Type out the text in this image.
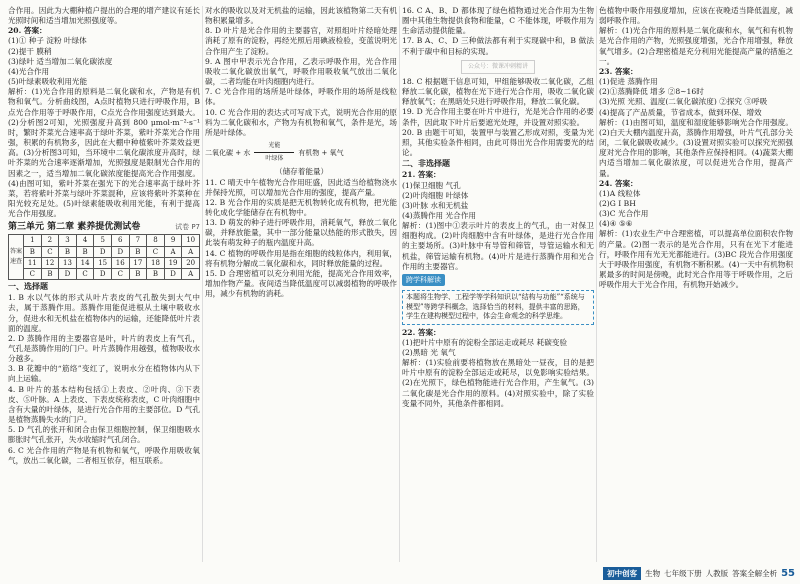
合作用。因此为大棚种植户提出的合理的增产建议有延长光照时间和适当增加光照强度等。

20. 答案：

(1)① 种子 淀粉 叶绿体

(2)提干 膜稍

(3)绿叶 适当增加二氧化碳浓度

(4)光合作用

(5)叶绿素吸收利用光能

解析：(1)光合作用的原料是二氧化碳和水，产物是有机物和氧气。分析曲线图，A点时植物只进行呼吸作用，B点光合作用等于呼吸作用，C点光合作用强度达到最大。(2)分析图2可知，光照强度升高到 800 μmol·m⁻²·s⁻¹时，繁时芥菜光合速率高于绿叶芥菜，紫叶芥菜光合作用强，积累的有机物多，因此在大棚中种植紫叶芥菜效益更高。(3)分析图3可知，当环境中二氧化碳浓度升高时，绿叶芥菜的光合速率逐渐增加，光照强度是限制光合作用的因素之一，适当增加二氧化碳浓度能提高光合作用强度。(4)由图可知，紫叶芥菜在强光下的光合速率高于绿叶芥菜，若将紫叶芥菜与绿叶芥菜混种，应该将紫叶芥菜种在阳光较充足处。(5)叶绿素能吸收利用光能，有利于提高光合作用强度。

第三单元 第二章 素养提优测试卷	试卷 P7
答案速查	1	2	3	4	5	6	7	8	9	10
	B	C	B	B	D	D	B	C	A	A
	11	12	13	14	15	16	17	18	19	20
	C	B	D	C	D	C	B	B	D	A
一、选择题

1. B 水以气体的形式从叶片表皮的气孔散失到大气中去，属于蒸腾作用。蒸腾作用能促进根从土壤中吸收水分，促进水和无机盐在植物体内的运输，还能降低叶片表面的温度。

2. D 蒸腾作用的主要器官是叶，叶片的表皮上有气孔，气孔是蒸腾作用的门户。叶片蒸腾作用越强，植物吸收水分越多。

3. B 花瓣中的“筋络”变红了，说明水分在植物体内从下向上运输。

4. B 叶片的基本结构包括①上表皮、②叶肉、③下表皮、⑤叶脉。A 上表皮、下表皮统称表皮，C 叶肉细胞中含有大量的叶绿体，是进行光合作用的主要部位。D 气孔是植物蒸腾失水的门户。

5. D 气孔的张开和闭合由保卫细胞控制，保卫细胞吸水膨胀时气孔张开，失水收缩时气孔闭合。

6. C 光合作用的产物是有机物和氧气，呼吸作用吸收氧气，放出二氧化碳，二者相互依存，相互联系。

对水的吸收以及对无机盐的运输，因此该植物第二天有机物积累量增多。

8. D 叶片是光合作用的主要器官，对照组叶片经暗处理消耗了原有的淀粉，再经光照后用碘液检验，变蓝说明光合作用产生了淀粉。

9. A 图中甲表示光合作用，乙表示呼吸作用，光合作用吸收二氧化碳放出氧气，呼吸作用吸收氧气放出二氧化碳，二者均能在叶肉细胞内进行。

7. C 光合作用的场所是叶绿体，呼吸作用的场所是线粒体。

10. C 光合作用的表达式可写成下式，说明光合作用的原料为二氧化碳和水，产物为有机物和氧气，条件是光，场所是叶绿体。

二氧化碳 + 水
光能
叶绿体
有机物 + 氧气

（储存着能量）

11. C 晴天中午植物光合作用旺盛，因此适当给植物浇水并保持光照，可以增加光合作用的强度，提高产量。

12. B 光合作用的实质是把无机物转化成有机物，把光能转化成化学能储存在有机物中。

13. D 萌发的种子进行呼吸作用，消耗氧气，释放二氧化碳，并释放能量，其中一部分能量以热能的形式散失，因此装有萌发种子的瓶内温度升高。

14. C 植物的呼吸作用是指在细胞的线粒体内，利用氧，将有机物分解成二氧化碳和水，同时释放能量的过程。

15. D 合理密植可以充分利用光能，提高光合作用效率，增加作物产量。夜间适当降低温度可以减弱植物的呼吸作用，减少有机物的消耗。

16. C A、B、D 都体现了绿色植物通过光合作用为生物圈中其他生物提供食物和能量，C 不能体现，呼吸作用为生命活动提供能量。

17. B A、C、D 三种做法都有利于实现碳中和，B 做法不利于碳中和目标的实现。

公众号：微课冲刺精讲

18. C 根据题干信息可知，甲组能够吸收二氧化碳，乙组释放二氧化碳，植物在光下进行光合作用，吸收二氧化碳释放氧气；在黑暗处只进行呼吸作用，释放二氧化碳。

19. D 光合作用主要在叶片中进行，光是光合作用的必要条件，因此取下叶片后要遮光处理，并设置对照实验。

20. B 由题干可知，装置甲与装置乙形成对照，变量为光照，其他实验条件相同，由此可得出光合作用需要光的结论。

二、非选择题

21. 答案：

(1)保卫细胞 气孔

(2)叶肉细胞 叶绿体

(3)叶脉 水和无机盐

(4)蒸腾作用 光合作用

解析：(1)图中①表示叶片的表皮上的气孔，由一对保卫细胞构成。(2)叶肉细胞中含有叶绿体，是进行光合作用的主要场所。(3)叶脉中有导管和筛管，导管运输水和无机盐，筛管运输有机物。(4)叶片是进行蒸腾作用和光合作用的主要器官。

跨学科解读
本题将生物学、工程学等学科知识以“结构与功能”“系统与模型”等跨学科概念，选择恰当的材料，提供丰富的思路，学生在建构模型过程中，体会生命观念的科学思维。

22. 答案：

(1)把叶片中原有的淀粉全部运走或耗尽 耗碳变验

(2)黑暗 光 氧气

解析：(1)实验前要将植物放在黑暗处一昼夜，目的是把叶片中原有的淀粉全部运走或耗尽，以免影响实验结果。(2)在光照下，绿色植物能进行光合作用，产生氧气。(3)二氧化碳是光合作用的原料。(4)对照实验中，除了实验变量不同外，其他条件都相同。

色植物中吸作用强度增加，应该在夜晚适当降低温度，减弱呼吸作用。

解析：(1)光合作用的原料是二氧化碳和水，氧气和有机物是光合作用的产物，光照强度增强，光合作用增强，释放氧气增多。(2)合理密植是充分利用光能提高产量的措施之一。

23. 答案：

(1)促进 蒸腾作用

(2)①蒸腾降低 增多 ②8~16时

(3)光照 光照、温度(二氧化碳浓度) ②探究 ③呼吸

(4)提高了产品质量，节省成本，做到环保、增效

解析：(1)由图可知，温度和湿度能够影响光合作用强度。(2)白天大棚内温度升高，蒸腾作用增强，叶片气孔部分关闭，二氧化碳吸收减少。(3)设置对照实验可以探究光照强度对光合作用的影响，其他条件应保持相同。(4)蔬菜大棚内适当增加二氧化碳浓度，可以促进光合作用，提高产量。

24. 答案：

(1)A 线粒体

(2)G I BH

(3)C 光合作用

(4)④ ⑤⑥

解析：(1)农业生产中合理密植，可以提高单位面积农作物的产量。(2)图一表示的是光合作用，只有在光下才能进行，呼吸作用有光无光都能进行。(3)BC 段光合作用强度大于呼吸作用强度，有机物不断积累。(4)一天中有机物积累最多的时间是傍晚，此时光合作用等于呼吸作用，之后呼吸作用大于光合作用，有机物开始减少。

初中创客	生物 七年级下册 人教版 答案全解全析 55
